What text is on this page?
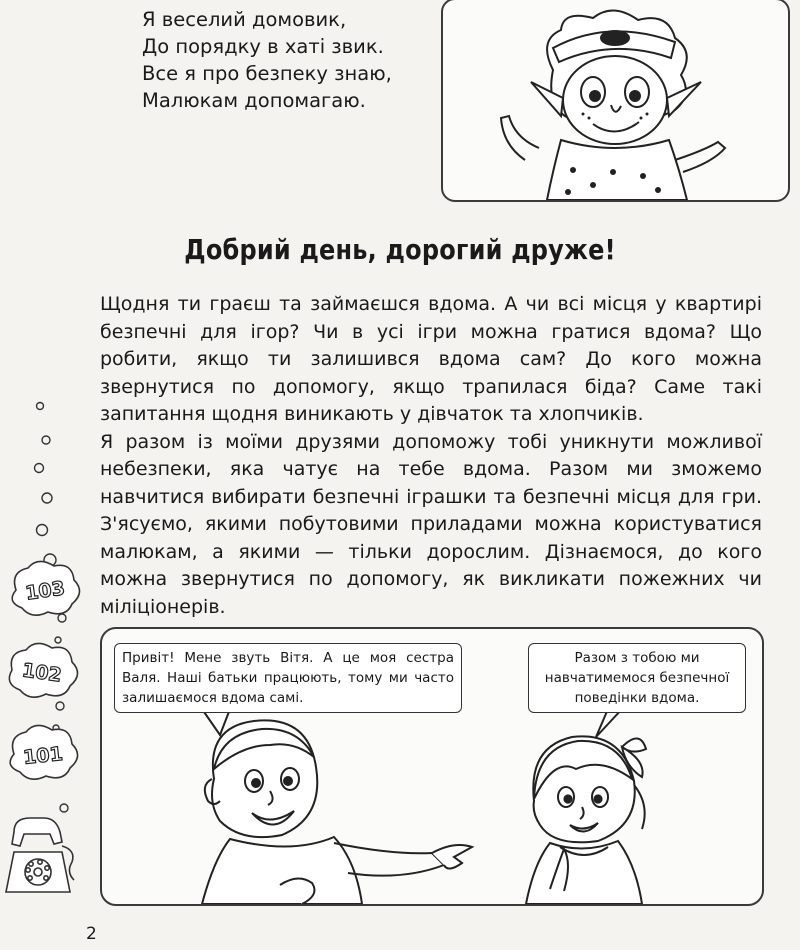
Я веселий домовик,
До порядку в хаті звик.
Все я про безпеку знаю,
Малюкам допомагаю.
Добрий день, дорогий друже!

Щодня ти граєш та займаєшся вдома. А чи всі місця у квартирі безпечні для ігор? Чи в усі ігри можна гратися вдома? Що робити, якщо ти залишився вдома сам? До кого можна звернутися по допомогу, якщо трапилася біда? Саме такі запитання щодня виникають у дівчаток та хлопчиків.

Я разом із моїми друзями допоможу тобі уникнути можливої небезпеки, яка чатує на тебе вдома. Разом ми зможемо навчитися вибирати безпечні іграшки та безпечні місця для гри. З'ясуємо, якими побутовими приладами можна користуватися малюкам, а якими — тільки дорослим. Дізнаємося, до кого можна звернутися по допомогу, як викликати пожежних чи міліціонерів.

103
102
101
Привіт! Мене звуть Вітя. А це моя сестра Валя. Наші батьки працюють, тому ми часто залишаємося вдома самі.
Разом з тобою ми навчатимемося безпечної поведінки вдома.
2
